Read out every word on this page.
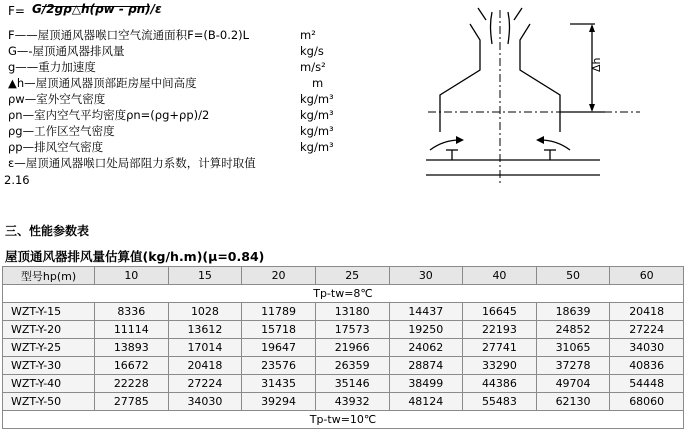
F= G/2gρ△h(ρw - ρn)/ε
F——屋顶通风器喉口空气流通面积F=(B-0.2)L	m²
G—-屋顶通风器排风量	kg/s
g——重力加速度	m/s²
▲h—屋顶通风器顶部距房屋中间高度	m
ρw—室外空气密度	kg/m³
ρn—室内空气平均密度ρn=(ρg+ρp)/2	kg/m³
ρg—工作区空气密度	kg/m³
ρp—排风空气密度	kg/m³
ε—屋顶通风器喉口处局部阻力系数，计算时取值
2.16
Δh
三、性能参数表
屋顶通风器排风量估算值(kg/h.m)(μ=0.84)
型号hp(m)	10	15	20	25	30	40	50	60
Tp-tw=8℃								
WZT-Y-15	8336	1028	11789	13180	14437	16645	18639	20418
WZT-Y-20	11114	13612	15718	17573	19250	22193	24852	27224
WZT-Y-25	13893	17014	19647	21966	24062	27741	31065	34030
WZT-Y-30	16672	20418	23576	26359	28874	33290	37278	40836
WZT-Y-40	22228	27224	31435	35146	38499	44386	49704	54448
WZT-Y-50	27785	34030	39294	43932	48124	55483	62130	68060
Tp-tw=10℃								
